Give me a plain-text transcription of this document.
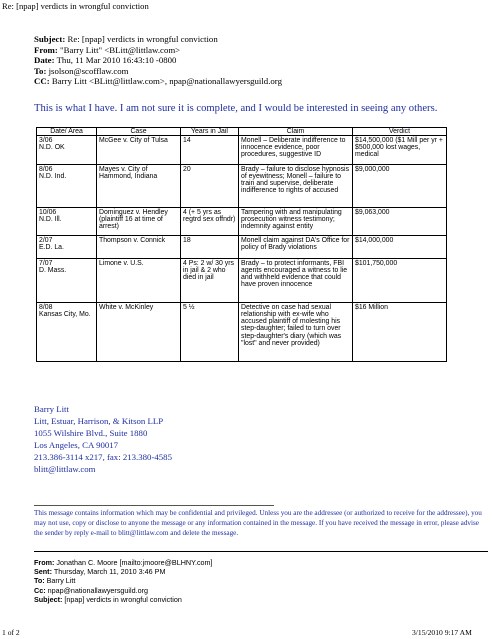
Re: [npap] verdicts in wrongful conviction
Subject: Re: [npap] verdicts in wrongful conviction
From: "Barry Litt" <BLitt@littlaw.com>
Date: Thu, 11 Mar 2010 16:43:10 -0800
To: jsolson@scofflaw.com
CC: Barry Litt <BLitt@littlaw.com>, npap@nationallawyersguild.org
This is what I have. I am not sure it is complete, and I would be interested in seeing any others.
Date/ Area	Case	Years in Jail	Claim	Verdict

3/06
N.D. OK	McGee v. City of Tulsa	14	Monell – Deliberate indifference to innocence evidence, poor procedures, suggestive ID	$14,500,000 ($1 Mill per yr + $500,000 lost wages, medical

8/06
N.D. Ind.	Mayes v. City of Hammond, Indiana	20	Brady – failure to disclose hypnosis of eyewitness; Monell – failure to train and supervise, deliberate indifference to rights of accused	$9,000,000

10/06
N.D. Ill.	Dominguez v. Hendley (plaintiff 16 at time of arrest)	4 (+ 5 yrs as regtrd sex offndr)	Tampering with and manipulating prosecution witness testimony; indemnity against entity	$9,063,000

2/07
E.D. La.	Thompson v. Connick	18	Monell claim against DA's Office for policy of Brady violations	$14,000,000

7/07
D. Mass.	Limone v. U.S.	4 Ps: 2 w/ 30 yrs in jail & 2 who died in jail	Brady – to protect informants, FBI agents encouraged a witness to lie and withheld evidence that could have proven innocence	$101,750,000

8/08
Kansas City, Mo.	White v. McKinley	5 ½	Detective on case had sexual relationship with ex-wife who accused plaintiff of molesting his step-daughter; failed to turn over step-daughter's diary (which was "lost" and never provided)	$16 Million
Barry Litt
Litt, Estuar, Harrison, & Kitson LLP
1055 Wilshire Blvd., Suite 1880
Los Angeles, CA 90017
213.386-3114 x217, fax: 213.380-4585
blitt@littlaw.com
This message contains information which may be confidential and privileged. Unless you are the addressee (or authorized to receive for the addressee), you may not use, copy or disclose to anyone the message or any information contained in the message. If you have received the message in error, please advise the sender by reply e-mail to blitt@littlaw.com and delete the message.
From: Jonathan C. Moore [mailto:jmoore@BLHNY.com]
Sent: Thursday, March 11, 2010 3:46 PM
To: Barry Litt
Cc: npap@nationallawyersguild.org
Subject: [npap] verdicts in wrongful conviction
1 of 2	3/15/2010 9:17 AM
